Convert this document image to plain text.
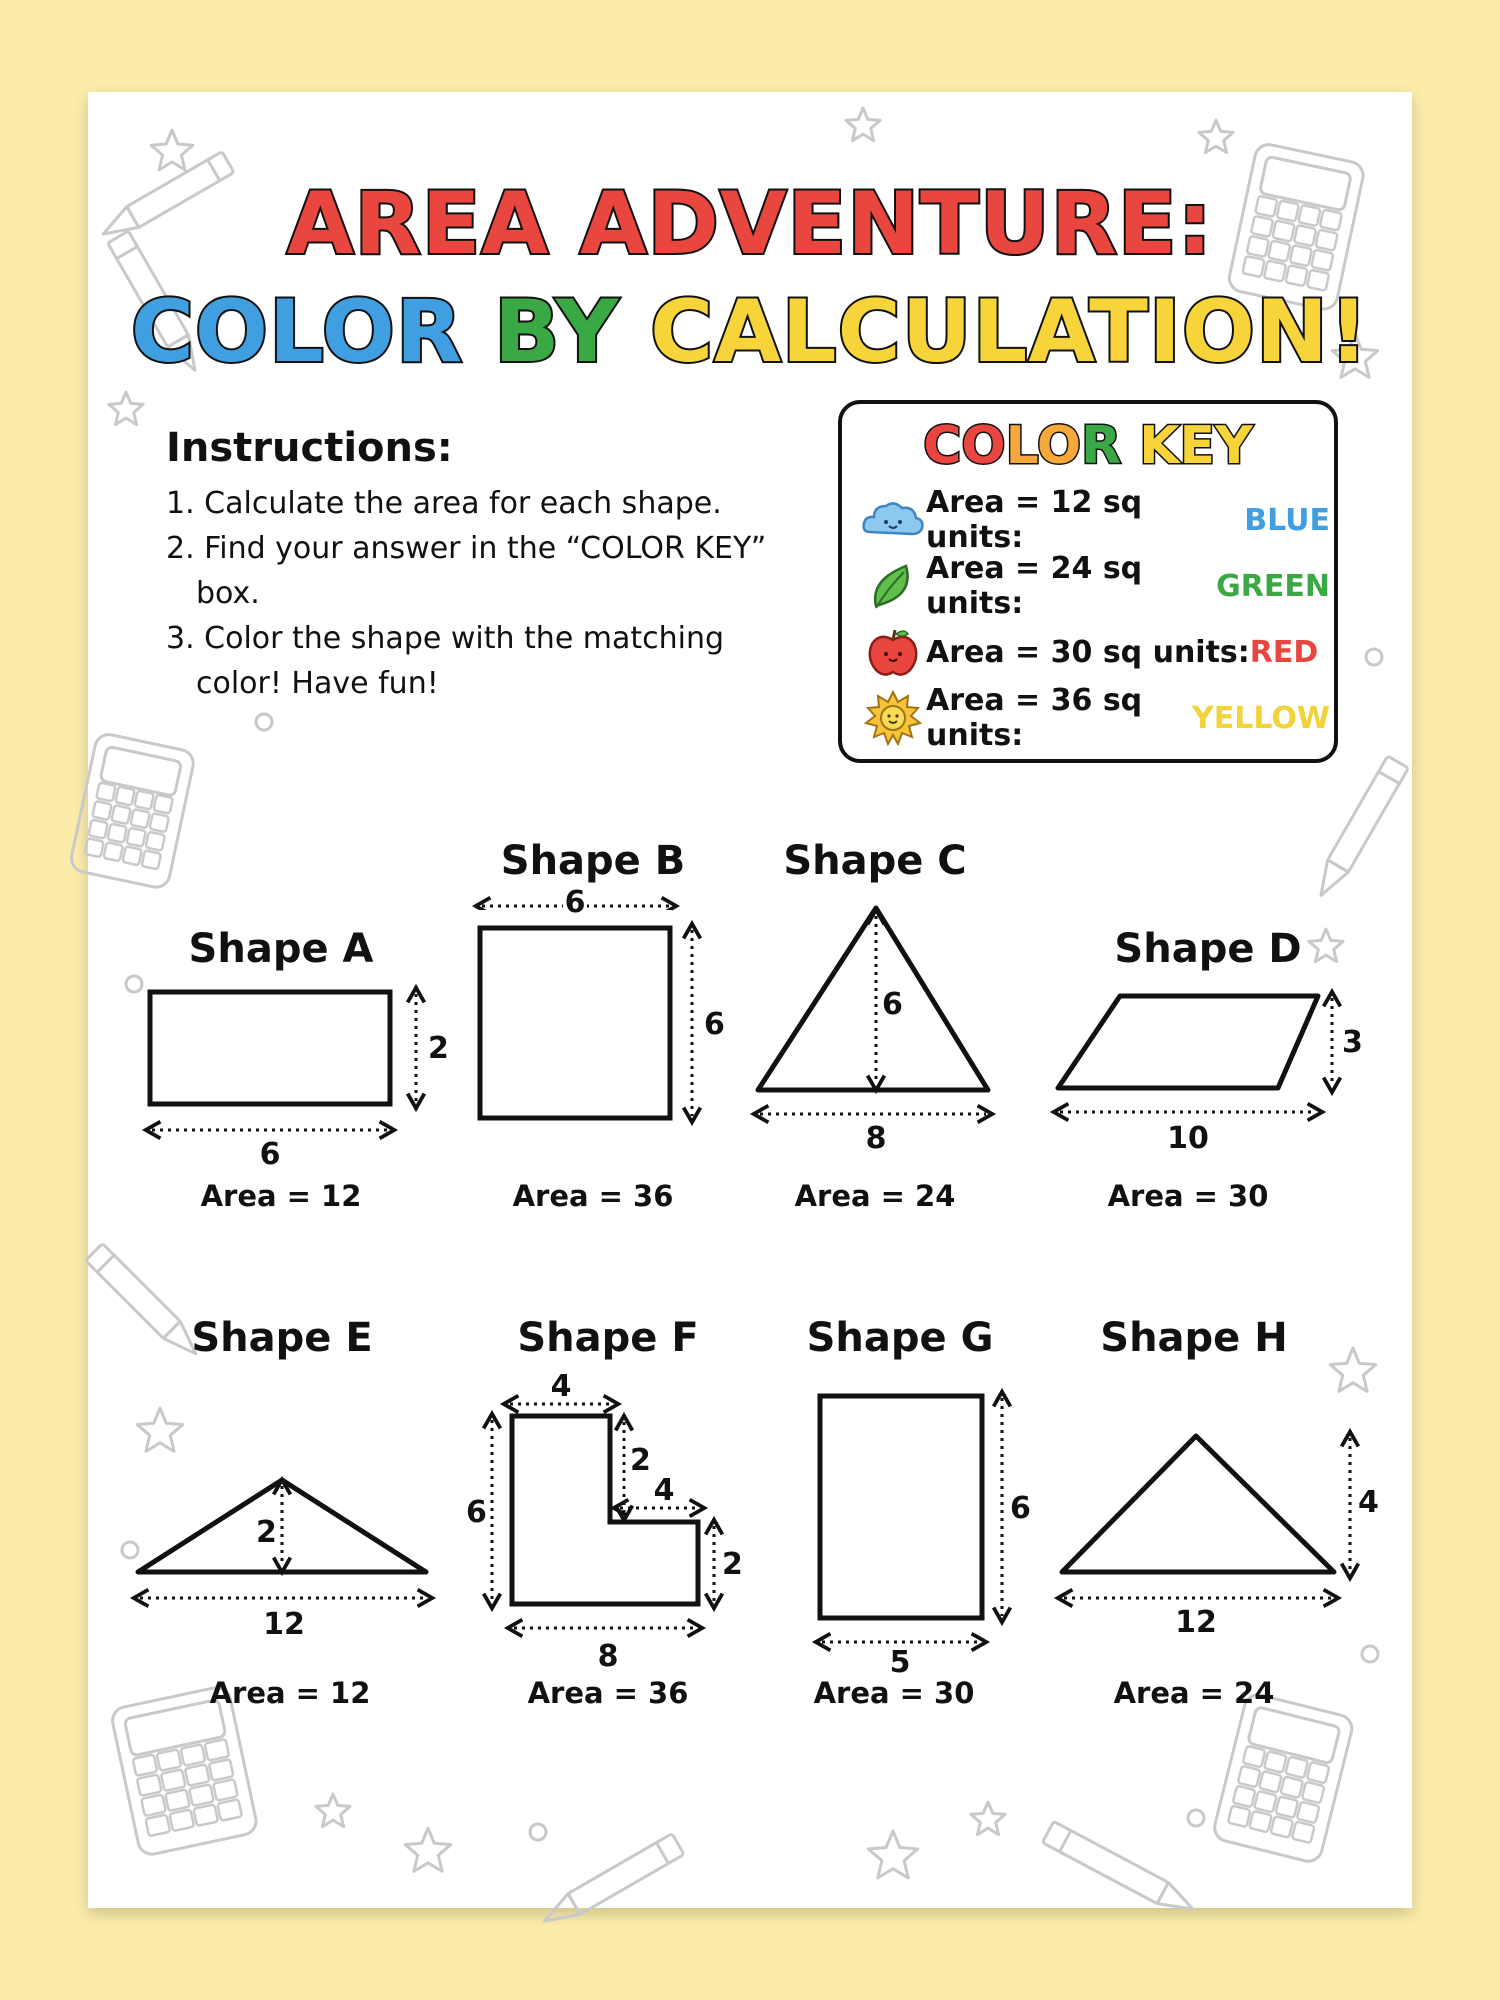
AREA ADVENTURE:
COLOR BY CALCULATION!
Instructions:
1. Calculate the area for each shape.
2. Find your answer in the “COLOR KEY” box.
3. Color the shape with the matching color! Have fun!
COLOR KEY
Area = 12 sq units:	BLUE
Area = 24 sq units:	GREEN
Area = 30 sq units: RED
Area = 36 sq units:	YELLOW
Shape A
2
6
Area = 12
Shape B
6
6
Area = 36
Shape C
6
8
Area = 24
Shape D
3
10
Area = 30
Shape E
2
12
Area = 12
Shape F
4
2
4
6
2
8
Area = 36
Shape G
6
5
Area = 30
Shape H
4
12
Area = 24
